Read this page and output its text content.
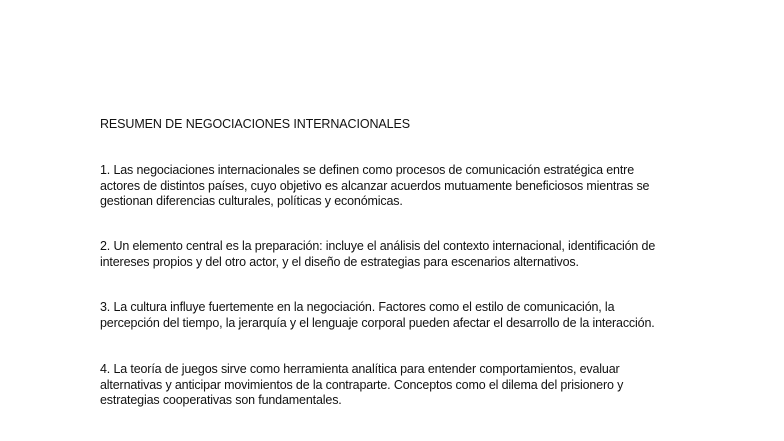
RESUMEN DE NEGOCIACIONES INTERNACIONALES
1. Las negociaciones internacionales se definen como procesos de comunicación estratégica entre
actores de distintos países, cuyo objetivo es alcanzar acuerdos mutuamente beneficiosos mientras se
gestionan diferencias culturales, políticas y económicas.
2. Un elemento central es la preparación: incluye el análisis del contexto internacional, identificación de
intereses propios y del otro actor, y el diseño de estrategias para escenarios alternativos.
3. La cultura influye fuertemente en la negociación. Factores como el estilo de comunicación, la
percepción del tiempo, la jerarquía y el lenguaje corporal pueden afectar el desarrollo de la interacción.
4. La teoría de juegos sirve como herramienta analítica para entender comportamientos, evaluar
alternativas y anticipar movimientos de la contraparte. Conceptos como el dilema del prisionero y
estrategias cooperativas son fundamentales.
